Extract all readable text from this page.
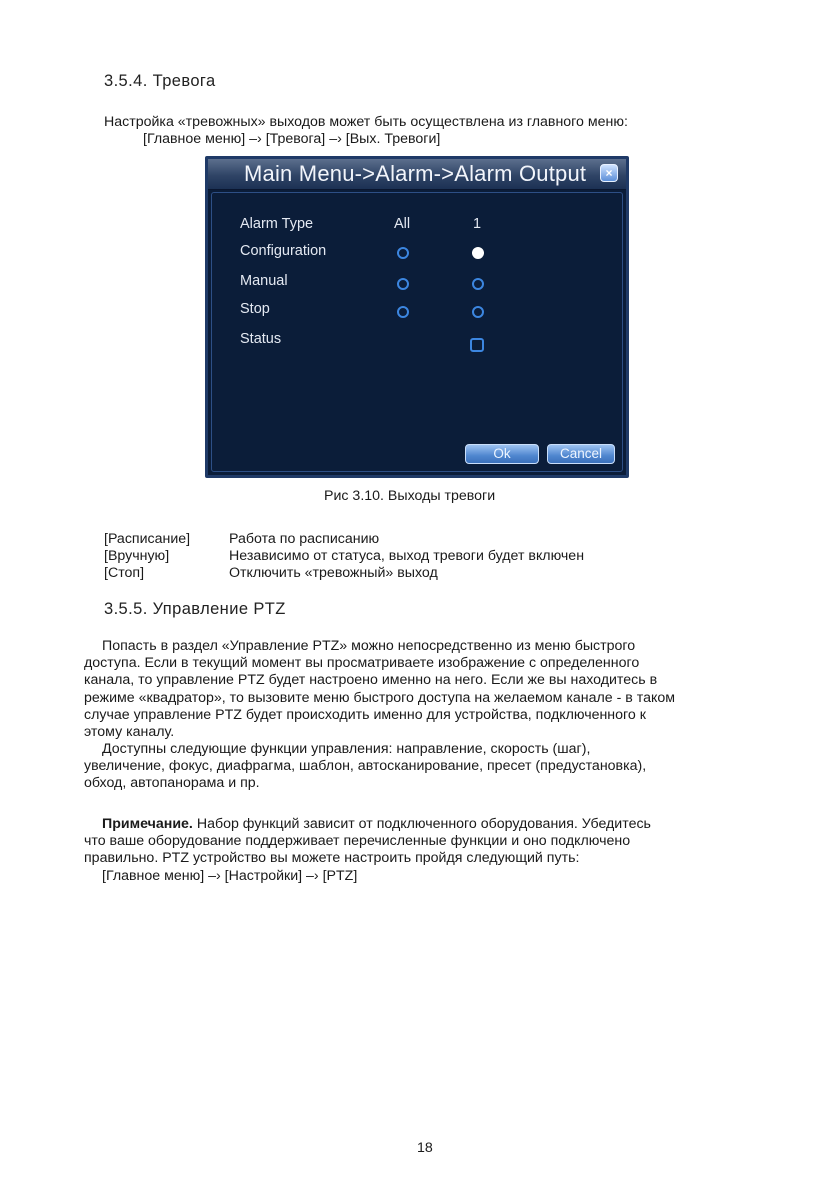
3.5.4. Тревога
Настройка «тревожных» выходов может быть осуществлена из главного меню:
[Главное меню] –› [Тревога] –› [Вых. Тревоги]
Main Menu->Alarm->Alarm Output	×
Alarm Type	All	1
Configuration
Manual
Stop
Status
Ok	Cancel
Рис 3.10. Выходы тревоги
[Расписание]	Работа по расписанию
[Вручную]	Независимо от статуса, выход тревоги будет включен
[Стоп]	Отключить «тревожный» выход
3.5.5. Управление PTZ
Попасть в раздел «Управление PTZ» можно непосредственно из меню быстрого
доступа. Если в текущий момент вы просматриваете изображение с определенного
канала, то управление PTZ будет настроено именно на него. Если же вы находитесь в
режиме «квадратор», то вызовите меню быстрого доступа на желаемом канале - в таком
случае управление PTZ будет происходить именно для устройства, подключенного к
этому каналу.
Доступны следующие функции управления: направление, скорость (шаг),
увеличение, фокус, диафрагма, шаблон, автосканирование, пресет (предустановка),
обход, автопанорама и пр.
Примечание. Набор функций зависит от подключенного оборудования. Убедитесь
что ваше оборудование поддерживает перечисленные функции и оно подключено
правильно. PTZ устройство вы можете настроить пройдя следующий путь:
[Главное меню] –› [Настройки] –› [PTZ]
18
